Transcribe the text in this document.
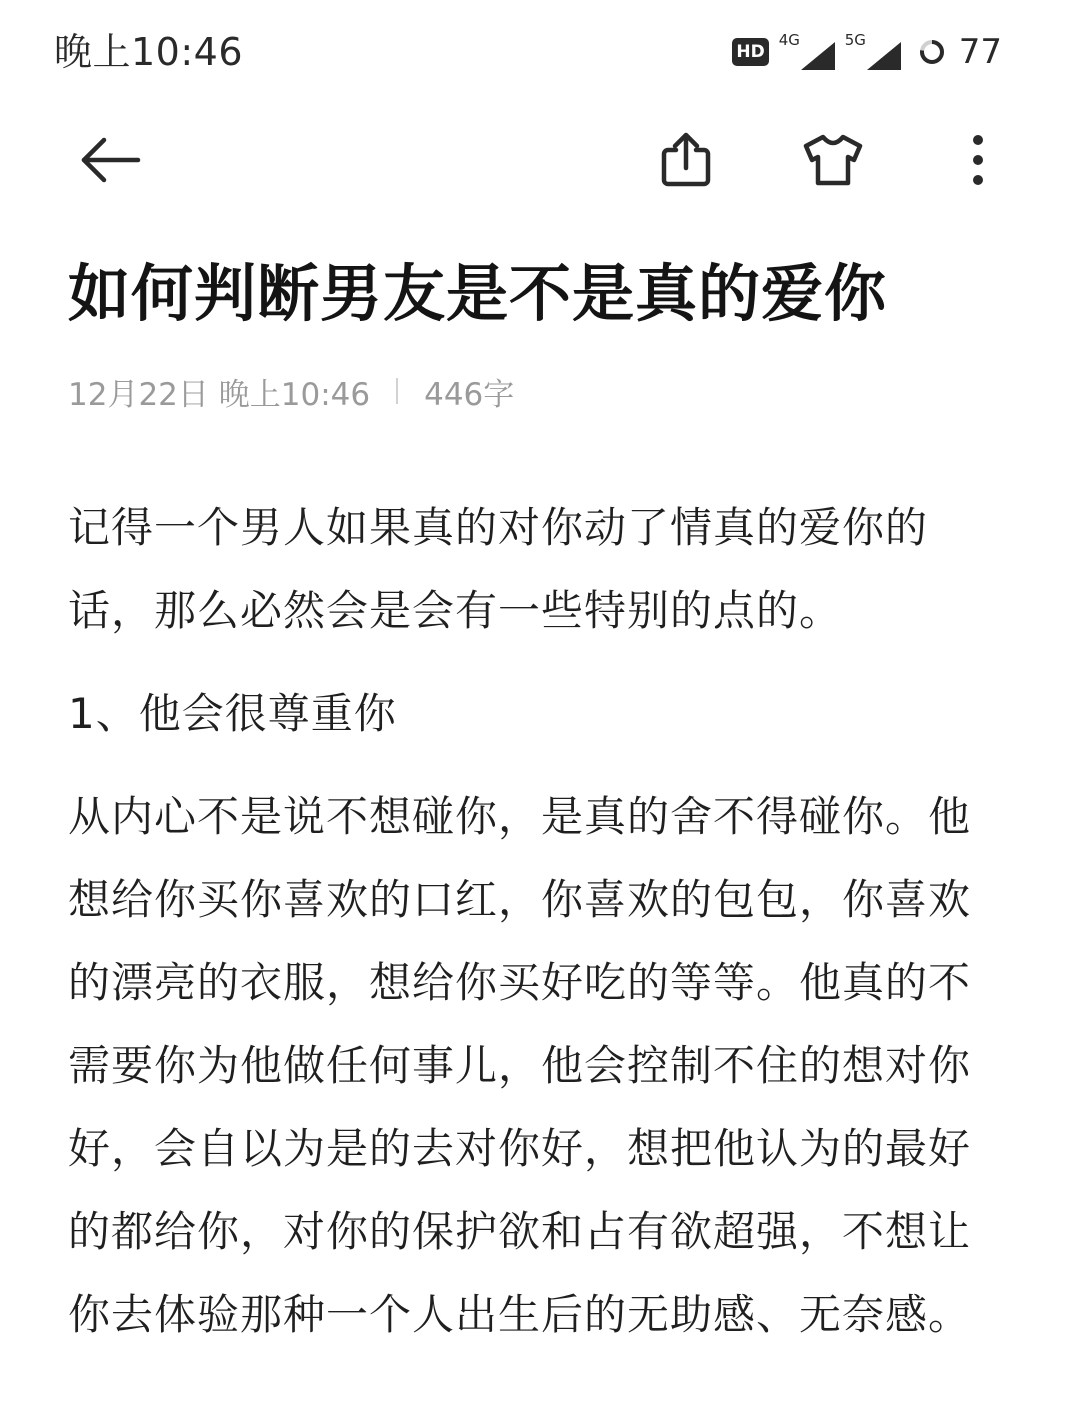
晚上10:46	HD
4G	5G	77
如何判断男友是不是真的爱你
12月22日 晚上10:46 446字

记得一个男人如果真的对你动了情真的爱你的话，那么必然会是会有一些特别的点的。

1、他会很尊重你

从内心不是说不想碰你，是真的舍不得碰你。他想给你买你喜欢的口红，你喜欢的包包，你喜欢的漂亮的衣服，想给你买好吃的等等。他真的不需要你为他做任何事儿，他会控制不住的想对你好，会自以为是的去对你好，想把他认为的最好的都给你，对你的保护欲和占有欲超强，不想让你去体验那种一个人出生后的无助感、无奈感。
